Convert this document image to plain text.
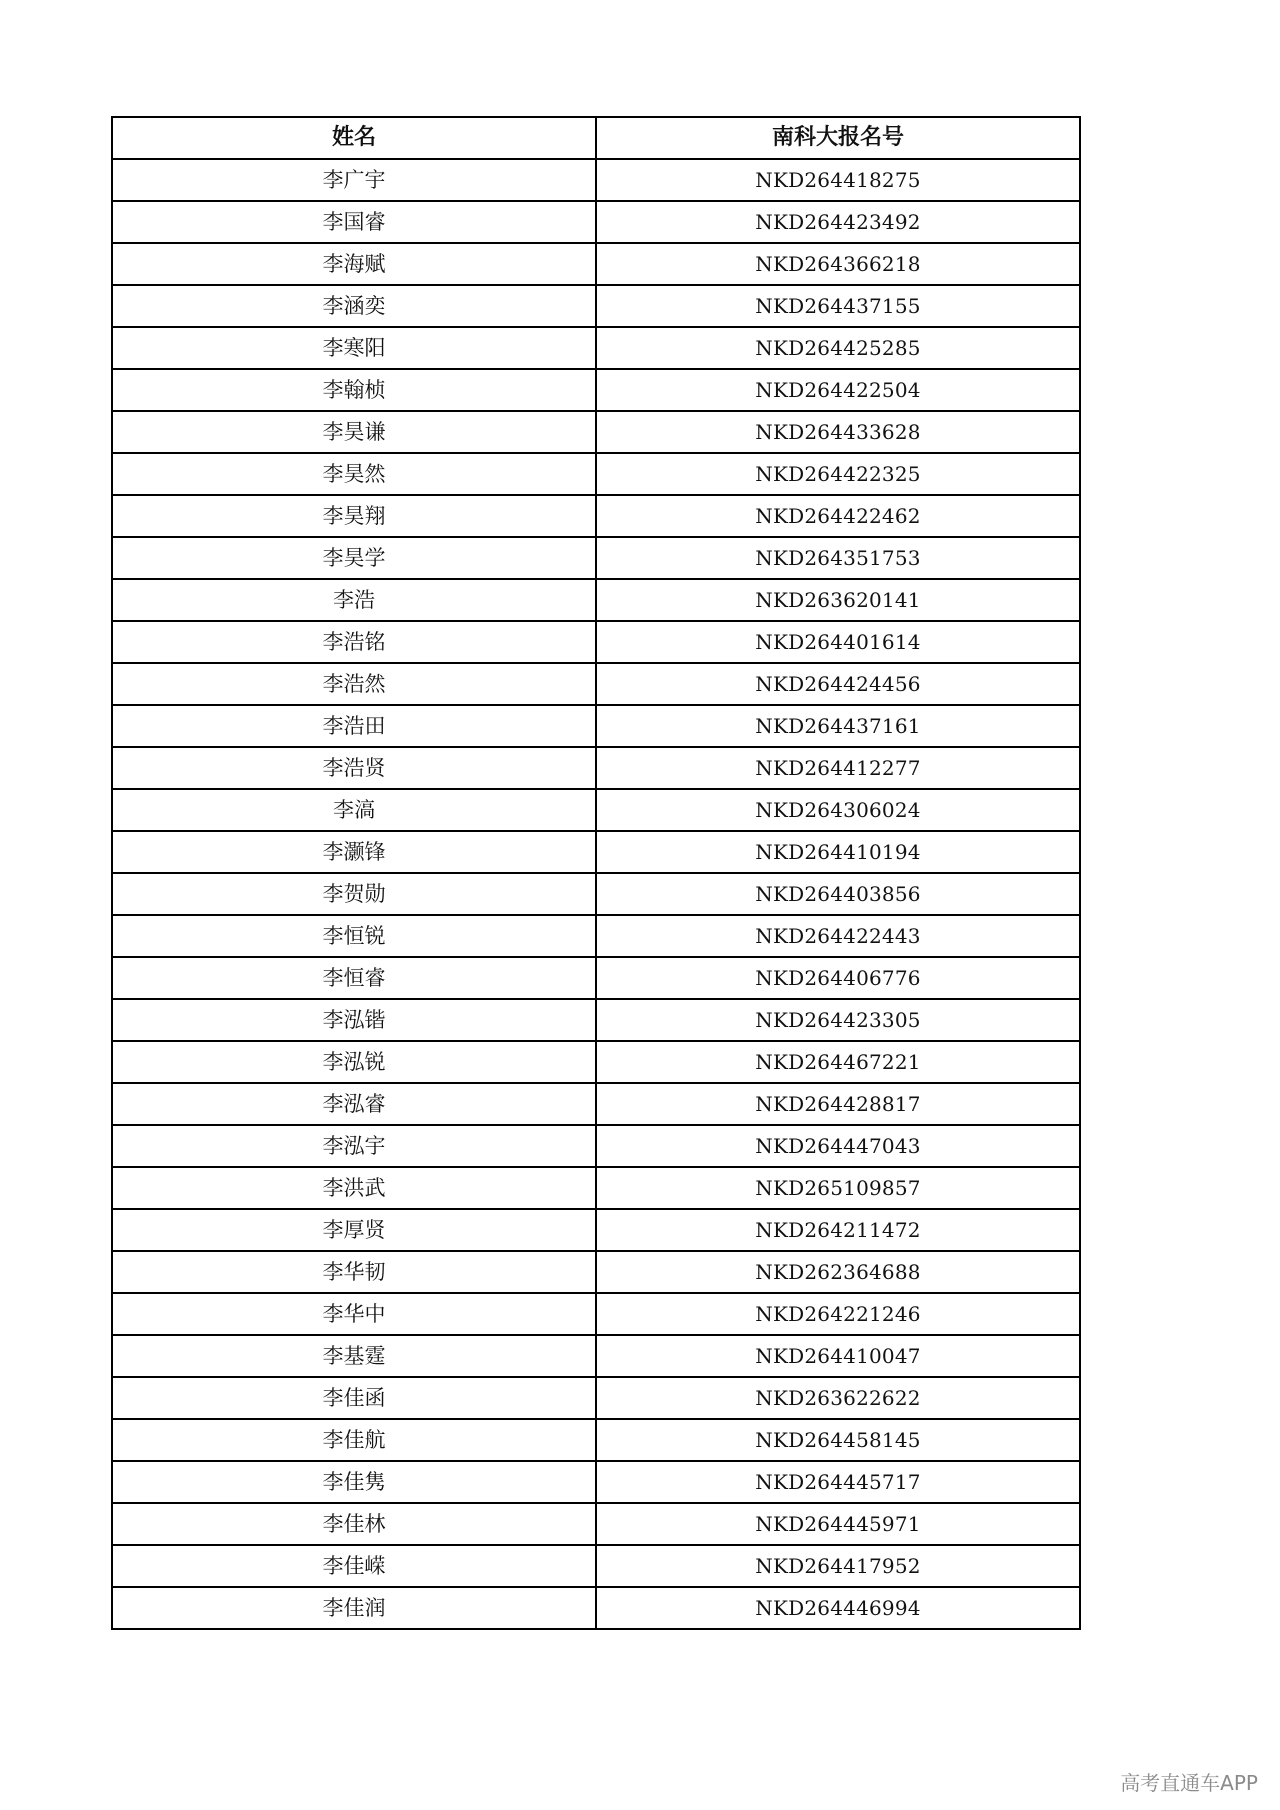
姓名	南科大报名号
李广宇	NKD264418275
李国睿	NKD264423492
李海赋	NKD264366218
李涵奕	NKD264437155
李寒阳	NKD264425285
李翰桢	NKD264422504
李昊谦	NKD264433628
李昊然	NKD264422325
李昊翔	NKD264422462
李昊学	NKD264351753
李浩	NKD263620141
李浩铭	NKD264401614
李浩然	NKD264424456
李浩田	NKD264437161
李浩贤	NKD264412277
李滈	NKD264306024
李灏锋	NKD264410194
李贺勋	NKD264403856
李恒锐	NKD264422443
李恒睿	NKD264406776
李泓锴	NKD264423305
李泓锐	NKD264467221
李泓睿	NKD264428817
李泓宇	NKD264447043
李洪武	NKD265109857
李厚贤	NKD264211472
李华韧	NKD262364688
李华中	NKD264221246
李基霆	NKD264410047
李佳函	NKD263622622
李佳航	NKD264458145
李佳隽	NKD264445717
李佳林	NKD264445971
李佳嵘	NKD264417952
李佳润	NKD264446994
高考直通车APP
